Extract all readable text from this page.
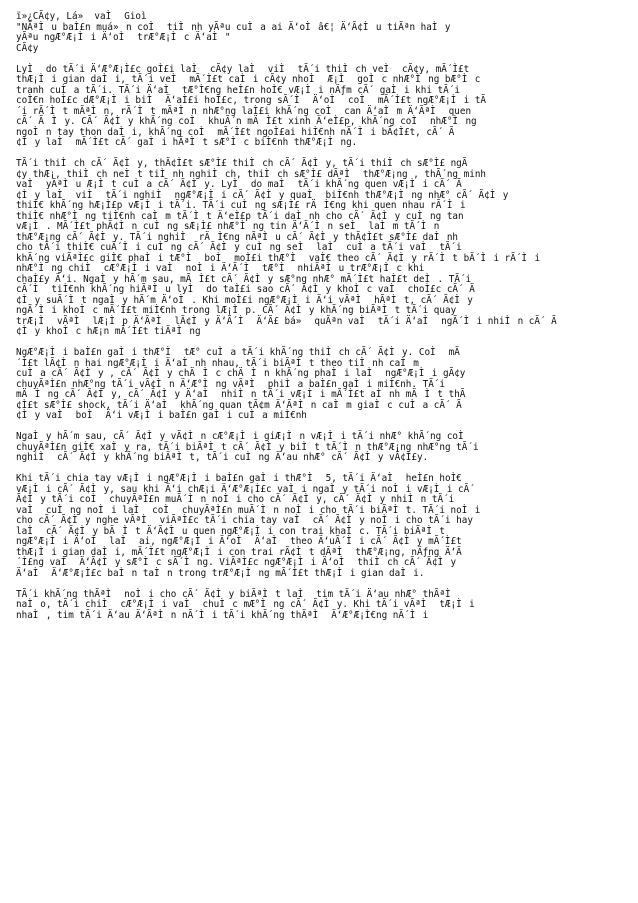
ï»¿CÃ¢y, Lá» vaÌ Gioì
"NÃªÌu baÌ£n muá»n coÌ tiÌnh yÃªu cuÌa ai Ä‘oÌâ€¦ Ä‘Ã¢Ìu tiÃªn haÌy
yÃªu ngÆ°Æ¡Ìi Ä‘oÌ trÆ°Æ¡Ìc Ä‘aÌ"
CÃ¢y
LyÌ do tÃ´i Ä‘Æ°Æ¡Ì£c goÌ£i laÌ cÃ¢y laÌ viÌ tÃ´i thiÌch veÌ cÃ¢y, mÃ´Ì£t
thÆ¡Ìi gian daÌi, tÃ´i veÌ mÃ´Ì£t caÌi cÃ¢y nhoÌ Æ¡Ì goÌc nhÆ°Ìng bÆ°Ìc
tranh cuÌa tÃ´i. TÃ´i Ä‘aÌ tÆ°Ì€ng heÌ£n hoÌ€ vÆ¡Ìi nÄƒm cÃ´ gaÌi khi tÃ´i
coÌ€n hoÌ£c dÆ°Æ¡Ìi biÌ Ä‘aÌ£i hoÌ£c, trong sÃ´Ì Ä‘oÌ coÌ mÃ´Ì£t ngÆ°Æ¡Ìi tÃ
´i rÃ´Ìt mÃªÌn, rÃ´Ìt mÃªÌn nhÆ°ng laÌ£i khÃ´ng coÌ can Ä‘aÌm Ä‘ÃªÌ quen
cÃ´ ÃÌy. CÃ´ Ã¢Ìy khÃ´ng coÌ khuÃ´n mÄÌ£t xinh Ä‘eÌ£p, khÃ´ng coÌ nhÆ°Ìng
ngoÌn tay thon daÌi, khÃ´ng coÌ mÃ´Ì£t ngoÌ£ai hiÌ€nh nÃ´Ìi bÃ¢Ì£t, cÃ´ Ã
¢Ìy laÌ mÃ´Ì£t cÃ´ gaÌi hÃªÌt sÆ°Ìc biÌ€nh thÆ°Æ¡Ìng.
TÃ´i thiÌch cÃ´ Ã¢Ìy, thÃ¢Ì£t sÆ°Ì£ thiÌch cÃ´ Ã¢Ìy, tÃ´i thiÌch sÆ°Ì£ ngÃ
¢y thÆ¡, thiÌch neÌt tiÌnh nghiÌch, thiÌch sÆ°Ì£ dÃªÌ thÆ°Æ¡ng , thÃ´ng minh
vaÌ yÃªÌu Æ¡Ìt cuÌa cÃ´ Ã¢Ìy. LyÌ do maÌ tÃ´i khÃ´ng quen vÆ¡Ìi cÃ´ Ã
¢Ìy laÌ viÌ tÃ´i nghiÌ ngÆ°Æ¡Ìi cÃ´ Ã¢Ìy quaÌ biÌ€nh thÆ°Æ¡Ìng nhÆ° cÃ´ Ã¢Ìy
thiÌ€ khÃ´ng hÆ¡Ì£p vÆ¡Ìi tÃ´i. TÃ´i cuÌng sÆ¡Ì£ rÄÌ€ng khi quen nhau rÃ´Ìi
thiÌ€ nhÆ°Ìng tiÌ€nh caÌm tÃ´Ìt Ä‘eÌ£p tÃ´i daÌnh cho cÃ´ Ã¢Ìy cuÌng tan
vÆ¡Ì. MÃ´Ì£t phÃ¢Ìn cuÌng sÆ¡Ì£ nhÆ°Ìng tin Ä‘Ã´Ìn seÌ laÌm tÃ´Ìn
thÆ°Æ¡ng cÃ´ Ã¢Ìy. TÃ´i nghiÌ rÄÌ€ng nÃªÌu cÃ´ Ã¢Ìy thÃ¢Ì£t sÆ°Ì£ daÌnh
cho tÃ´i thiÌ€ cuÃ´Ìi cuÌng cÃ´ Ã¢Ìy cuÌng seÌ laÌ cuÌa tÃ´i vaÌ tÃ´i
khÃ´ng viÃªÌ£c giÌ€ phaÌi tÆ°Ì boÌ moÌ£i thÆ°Ì vaÌ€ theo cÃ´ Ã¢Ìy rÃ´Ìt bÃ´Ìi rÃ´Ìi
nhÆ°Ìng chiÌ cÆ°Æ¡Ìi vaÌ noÌi Ä‘Ã´Ì tÆ°Ì nhiÃªÌu trÆ°Æ¡Ìc khi
chaÌ£y Ä‘i. NgaÌy hÃ´m sau, mÃÌ£t cÃ´ Ã¢Ìy sÆ°ng nhÆ° mÃ´Ì£t haÌ£t deÌ. TÃ´i
cÃ´Ì tiÌ€nh khÃ´ng hiÃªÌu lyÌ do taÌ£i sao cÃ´ Ã¢Ìy khoÌc vaÌ choÌ£c cÃ´ Ã
¢Ìy suÃ´Ìt ngaÌy hÃ´m Ä‘oÌ. Khi moÌ£i ngÆ°Æ¡Ìi Ä‘i vÃªÌ hÃªÌt, cÃ´ Ã¢Ìy
ngÃ´Ìi khoÌc mÃ´Ì£t miÌ€nh trong lÆ¡Ìp. CÃ´ Ã¢Ìy khÃ´ng biÃªÌt tÃ´i quay
trÆ¡Ì vÃªÌ lÆ¡Ìp Ä‘ÃªÌ lÃ¢Ìy Ä‘Ã´Ì Ä‘Ã£ bá» quÃªn vaÌ tÃ´i Ä‘aÌ ngÃ´Ìi nhiÌn cÃ´ Ã
¢Ìy khoÌc hÆ¡n mÃ´Ì£t tiÃªÌng
NgÆ°Æ¡Ìi baÌ£n gaÌi thÆ°Ì tÆ° cuÌa tÃ´i khÃ´ng thiÌch cÃ´ Ã¢Ìy. CoÌ mÃ
´Ì£t lÃ¢Ìn hai ngÆ°Æ¡Ìi Ä‘aÌnh nhau, tÃ´i biÃªÌt theo tiÌnh caÌm
cuÌa cÃ´ Ã¢Ìy , cÃ´ Ã¢Ìy chÄÌc chÄÌn khÃ´ng phaÌi laÌ ngÆ°Æ¡Ìi gÃ¢y
chuyÃªÌ£n nhÆ°ng tÃ´i vÃ¢Ìn Ä‘Æ°Ìng vÃªÌ phiÌa baÌ£n gaÌi miÌ€nh. TÃ´i
mÄÌng cÃ´ Ã¢Ìy, cÃ´ Ã¢Ìy Ä‘aÌ nhiÌn tÃ´i vÆ¡Ìi mÃ´Ì£t aÌnh mÄÌt thÃ
¢Ì£t sÆ°Ì£ shock, tÃ´i Ä‘aÌ khÃ´ng quan tÃ¢m Ä‘ÃªÌn caÌm giaÌc cuÌa cÃ´ Ã
¢Ìy vaÌ boÌ Ä‘i vÆ¡Ìi baÌ£n gaÌi cuÌa miÌ€nh
NgaÌy hÃ´m sau, cÃ´ Ã¢Ìy vÃ¢Ìn cÆ°Æ¡Ìi giÆ¡Ìn vÆ¡Ìi tÃ´i nhÆ° khÃ´ng coÌ
chuyÃªÌ£n giÌ€ xaÌy ra, tÃ´i biÃªÌt cÃ´ Ã¢Ìy biÌt tÃ´Ìn thÆ°Æ¡ng nhÆ°ng tÃ´i
nghiÌ cÃ´ Ã¢Ìy khÃ´ng biÃªÌt, tÃ´i cuÌng Ä‘au nhÆ° cÃ´ Ã¢Ìy vÃ¢Ì£y.
Khi tÃ´i chia tay vÆ¡Ìi ngÆ°Æ¡Ìi baÌ£n gaÌi thÆ°Ì 5, tÃ´i Ä‘aÌ heÌ£n hoÌ€
vÆ¡Ìi cÃ´ Ã¢Ìy, sau khi Ä‘i chÆ¡i Ä‘Æ°Æ¡Ì£c vaÌi ngaÌy tÃ´i noÌi vÆ¡Ìi cÃ´
Ã¢Ìy tÃ´i coÌ chuyÃªÌ£n muÃ´Ìn noÌi cho cÃ´ Ã¢Ìy, cÃ´ Ã¢Ìy nhiÌn tÃ´i
vaÌ cuÌng noÌi laÌ coÌ chuyÃªÌ£n muÃ´Ìn noÌi cho tÃ´i biÃªÌt. TÃ´i noÌi
cho cÃ´ Ã¢Ìy nghe vÃªÌ viÃªÌ£c tÃ´i chia tay vaÌ cÃ´ Ã¢Ìy noÌi cho tÃ´i hay
laÌ cÃ´ Ã¢Ìy bÃÌt Ä‘Ã¢Ìu quen ngÆ°Æ¡Ìi con trai khaÌc. TÃ´i biÃªÌt
ngÆ°Æ¡Ìi Ä‘oÌ laÌ ai, ngÆ°Æ¡Ìi Ä‘oÌ Ä‘aÌ theo Ä‘uÃ´Ìi cÃ´ Ã¢Ìy mÃ´Ì£t
thÆ¡Ìi gian daÌi, mÃ´Ì£t ngÆ°Æ¡Ìi con trai rÃ¢Ìt dÃªÌ thÆ°Æ¡ng, nÄƒng Ä‘Ã
´Ì£ng vaÌ Ä‘Ã¢Ìy sÆ°Ìc sÃ´Ìng. ViÃªÌ£c ngÆ°Æ¡Ìi Ä‘oÌ thiÌch cÃ´ Ã¢Ìy
Ä‘aÌ Ä‘Æ°Æ¡Ì£c baÌn taÌn trong trÆ°Æ¡Ìng mÃ´Ì£t thÆ¡Ìi gian daÌi.
TÃ´i khÃ´ng thÃªÌ noÌi cho cÃ´ Ã¢Ìy biÃªÌt laÌ tim tÃ´i Ä‘au nhÆ° thÃªÌ
naÌo, tÃ´i chiÌ cÆ°Æ¡Ìi vaÌ chuÌc mÆ°Ìng cÃ´ Ã¢Ìy. Khi tÃ´i vÃªÌ tÆ¡Ìi
nhaÌ, tim tÃ´i Ä‘au Ä‘ÃªÌn nÃ´Ìi tÃ´i khÃ´ng thÃªÌ Ä‘Æ°Æ¡Ì€ng nÃ´Ìi
